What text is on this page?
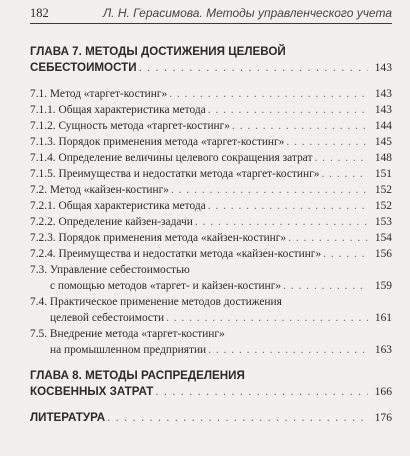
182	Л. Н. Герасимова. Методы управленческого учета
ГЛАВА 7. МЕТОДЫ ДОСТИЖЕНИЯ ЦЕЛЕВОЙ
СЕБЕСТОИМОСТИ . . .	143
7.1. Метод «таргет-костинг» . . .	143
7.1.1. Общая характеристика метода . . .	143
7.1.2. Сущность метода «таргет-костинг» . . .	144
7.1.3. Порядок применения метода «таргет-костинг» . . .	145
7.1.4. Определение величины целевого сокращения затрат . . .	148
7.1.5. Преимущества и недостатки метода «таргет-костинг» . . .	151
7.2. Метод «кайзен-костинг» . . .	152
7.2.1. Общая характеристика метода . . .	152
7.2.2. Определение кайзен-задачи . . .	153
7.2.3. Порядок применения метода «кайзен-костинг» . . .	154
7.2.4. Преимущества и недостатки метода «кайзен-костинг» . . .	156
7.3. Управление себестоимостью
с помощью методов «таргет- и кайзен-костинг» . . .	159
7.4. Практическое применение методов достижения
целевой себестоимости . . .	161
7.5. Внедрение метода «таргет-костинг»
на промышленном предприятии . . .	163
ГЛАВА 8. МЕТОДЫ РАСПРЕДЕЛЕНИЯ
КОСВЕННЫХ ЗАТРАТ . . .	166
ЛИТЕРАТУРА . . .	176
